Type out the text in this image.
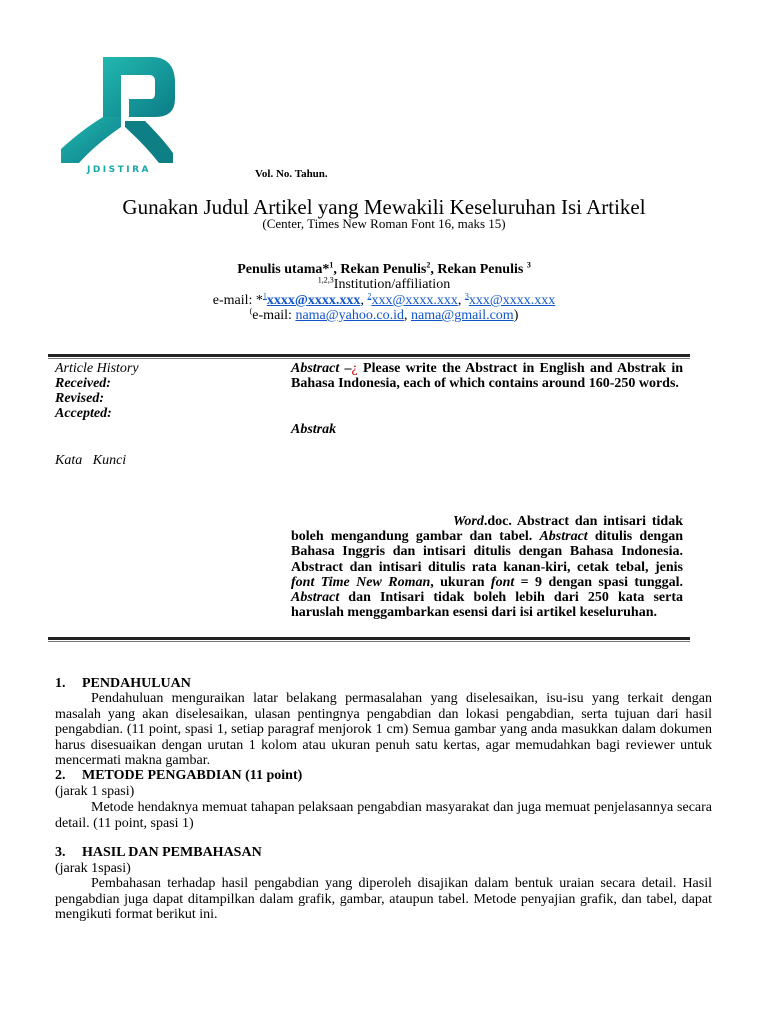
JDISTIRA	Vol. No. Tahun.
Gunakan Judul Artikel yang Mewakili Keseluruhan Isi Artikel
(Center, Times New Roman Font 16, maks 15)
Penulis utama*$^1$, Rekan Penulis$^2$, Rekan Penulis $^3$
$^{1,2,3}$Institution/affiliation
e-mail: *$^1$xxxx@xxxx.xxx, $^2$xxx@xxxx.xxx, $^3$xxx@xxxx.xxx
(e-mail: nama@yahoo.co.id, nama@gmail.com)
Article History
Received:
Revised:
Accepted:
Kata   Kunci
Abstract –¿ Please write the Abstract in English and Abstrak in Bahasa Indonesia, each of which contains around 160-250 words.
Abstrak
Word.doc. Abstract dan intisari tidak boleh mengandung gambar dan tabel. Abstract ditulis dengan Bahasa Inggris dan intisari ditulis dengan Bahasa Indonesia. Abstract dan intisari ditulis rata kanan-kiri, cetak tebal, jenis font Time New Roman, ukuran font = 9 dengan spasi tunggal. Abstract dan Intisari tidak boleh lebih dari 250 kata serta haruslah menggambarkan esensi dari isi artikel keseluruhan.
1. PENDAHULUAN
Pendahuluan menguraikan latar belakang permasalahan yang diselesaikan, isu-isu yang terkait dengan masalah yang akan diselesaikan, ulasan pentingnya pengabdian dan lokasi pengabdian, serta tujuan dari hasil pengabdian. (11 point, spasi 1, setiap paragraf menjorok 1 cm) Semua gambar yang anda masukkan dalam dokumen harus disesuaikan dengan urutan 1 kolom atau ukuran penuh satu kertas, agar memudahkan bagi reviewer untuk mencermati makna gambar.
2. METODE PENGABDIAN (11 point)
(jarak 1 spasi)
Metode hendaknya memuat tahapan pelaksaan pengabdian masyarakat dan juga memuat penjelasannya secara detail. (11 point, spasi 1)
3. HASIL DAN PEMBAHASAN
(jarak 1spasi)
Pembahasan terhadap hasil pengabdian yang diperoleh disajikan dalam bentuk uraian secara detail. Hasil pengabdian juga dapat ditampilkan dalam grafik, gambar, ataupun tabel. Metode penyajian grafik, dan tabel, dapat mengikuti format berikut ini.
